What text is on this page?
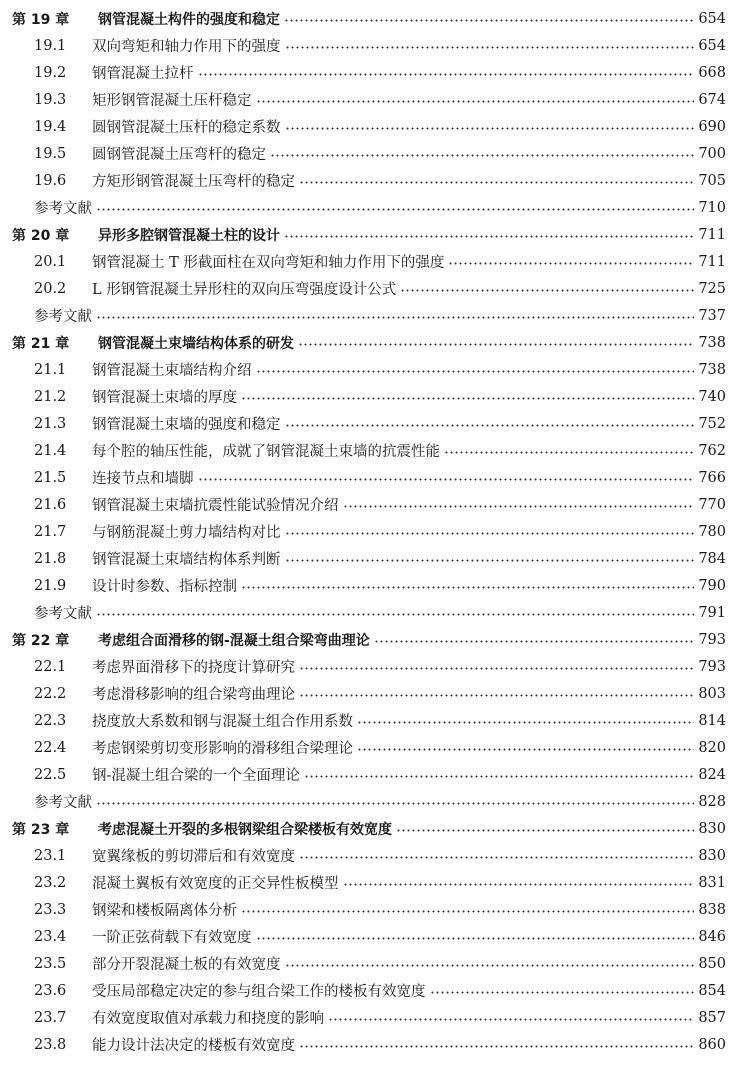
第 19 章	钢管混凝土构件的强度和稳定	654
19.1	双向弯矩和轴力作用下的强度	654
19.2	钢管混凝土拉杆	668
19.3	矩形钢管混凝土压杆稳定	674
19.4	圆钢管混凝土压杆的稳定系数	690
19.5	圆钢管混凝土压弯杆的稳定	700
19.6	方矩形钢管混凝土压弯杆的稳定	705
参考文献	710
第 20 章	异形多腔钢管混凝土柱的设计	711
20.1	钢管混凝土 T 形截面柱在双向弯矩和轴力作用下的强度	711
20.2	L 形钢管混凝土异形柱的双向压弯强度设计公式	725
参考文献	737
第 21 章	钢管混凝土束墙结构体系的研发	738
21.1	钢管混凝土束墙结构介绍	738
21.2	钢管混凝土束墙的厚度	740
21.3	钢管混凝土束墙的强度和稳定	752
21.4	每个腔的轴压性能，成就了钢管混凝土束墙的抗震性能	762
21.5	连接节点和墙脚	766
21.6	钢管混凝土束墙抗震性能试验情况介绍	770
21.7	与钢筋混凝土剪力墙结构对比	780
21.8	钢管混凝土束墙结构体系判断	784
21.9	设计时参数、指标控制	790
参考文献	791
第 22 章	考虑组合面滑移的钢-混凝土组合梁弯曲理论	793
22.1	考虑界面滑移下的挠度计算研究	793
22.2	考虑滑移影响的组合梁弯曲理论	803
22.3	挠度放大系数和钢与混凝土组合作用系数	814
22.4	考虑钢梁剪切变形影响的滑移组合梁理论	820
22.5	钢-混凝土组合梁的一个全面理论	824
参考文献	828
第 23 章	考虑混凝土开裂的多根钢梁组合梁楼板有效宽度	830
23.1	宽翼缘板的剪切滞后和有效宽度	830
23.2	混凝土翼板有效宽度的正交异性板模型	831
23.3	钢梁和楼板隔离体分析	838
23.4	一阶正弦荷载下有效宽度	846
23.5	部分开裂混凝土板的有效宽度	850
23.6	受压局部稳定决定的参与组合梁工作的楼板有效宽度	854
23.7	有效宽度取值对承载力和挠度的影响	857
23.8	能力设计法决定的楼板有效宽度	860
